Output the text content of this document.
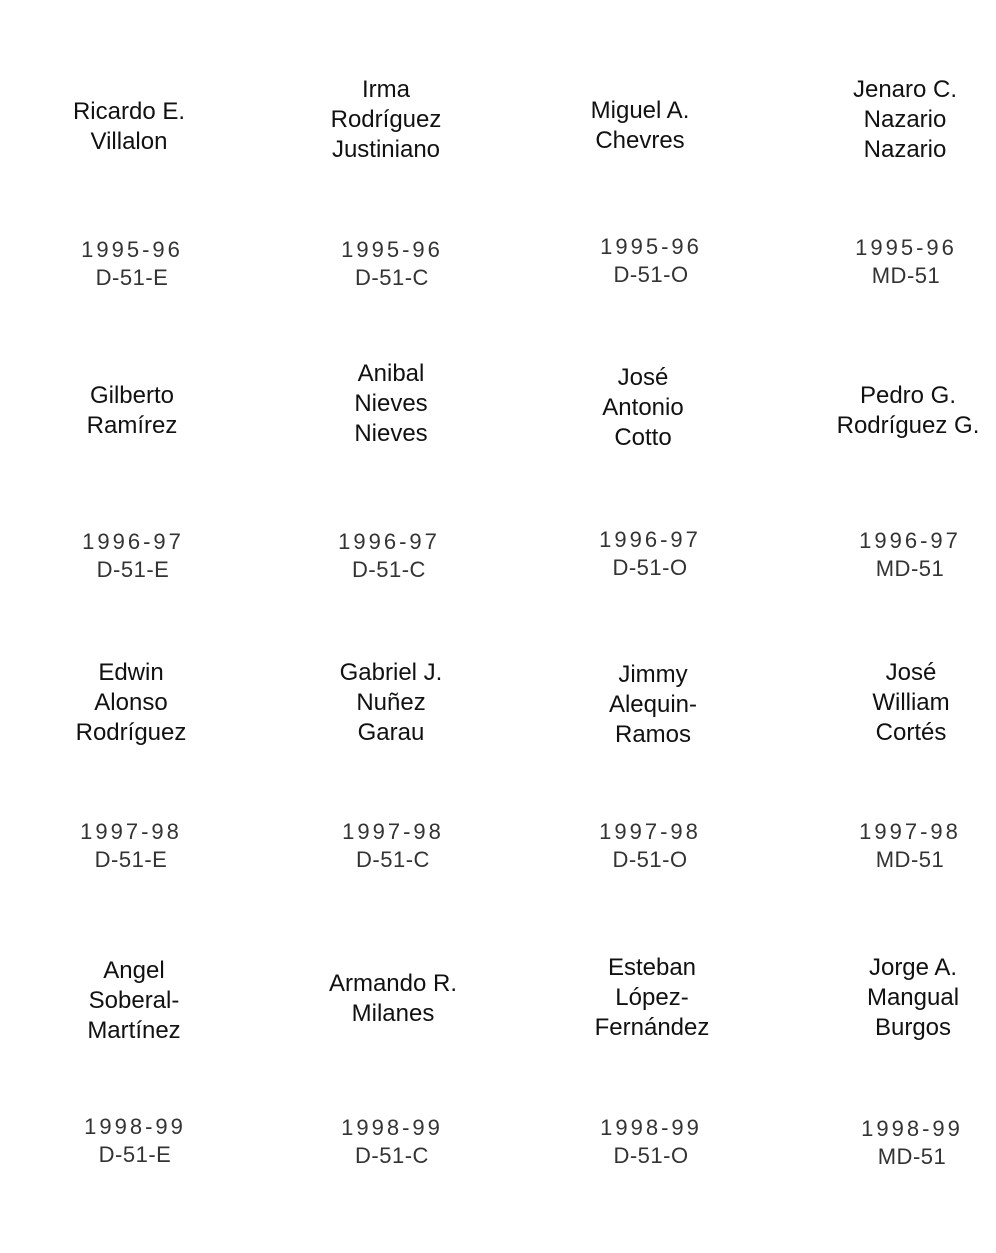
Ricardo E.
Villalon
Irma
Rodríguez
Justiniano
Miguel A.
Chevres
Jenaro C.
Nazario
Nazario
1995-96
D-51-E
1995-96
D-51-C
1995-96
D-51-O
1995-96
MD-51
Gilberto
Ramírez
Anibal
Nieves
Nieves
José
Antonio
Cotto
Pedro G.
Rodríguez G.
1996-97
D-51-E
1996-97
D-51-C
1996-97
D-51-O
1996-97
MD-51
Edwin
Alonso
Rodríguez
Gabriel J.
Nuñez
Garau
Jimmy
Alequin-
Ramos
José
William
Cortés
1997-98
D-51-E
1997-98
D-51-C
1997-98
D-51-O
1997-98
MD-51
Angel
Soberal-
Martínez
Armando R.
Milanes
Esteban
López-
Fernández
Jorge A.
Mangual
Burgos
1998-99
D-51-E
1998-99
D-51-C
1998-99
D-51-O
1998-99
MD-51
